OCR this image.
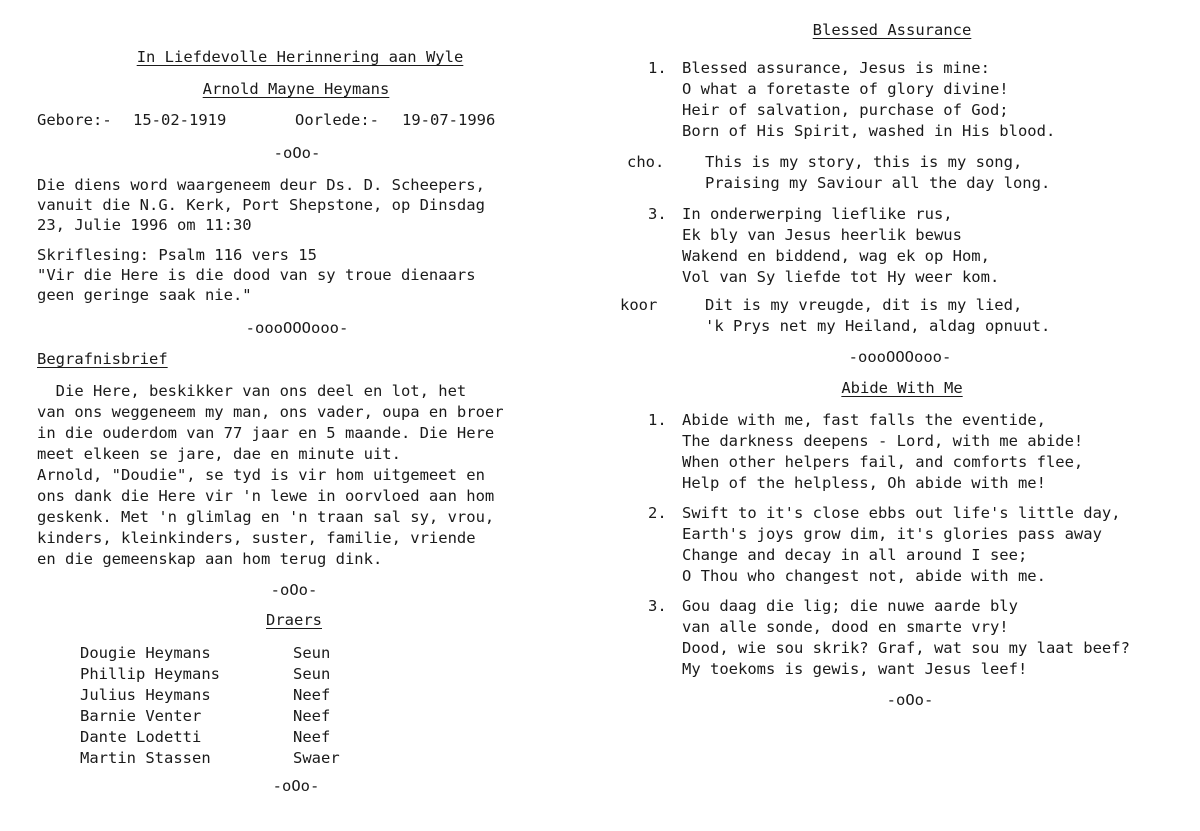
In Liefdevolle Herinnering aan Wyle
Arnold Mayne Heymans
Gebore:- 15-02-1919	Oorlede:- 19-07-1996
-oOo-
Die diens word waargeneem deur Ds. D. Scheepers,
vanuit die N.G. Kerk, Port Shepstone, op Dinsdag
23, Julie 1996 om 11:30
Skriflesing: Psalm 116 vers 15
"Vir die Here is die dood van sy troue dienaars
geen geringe saak nie."
-oooOOOooo-
Begrafnisbrief
Die Here, beskikker van ons deel en lot, het
van ons weggeneem my man, ons vader, oupa en broer
in die ouderdom van 77 jaar en 5 maande. Die Here
meet elkeen se jare, dae en minute uit.
Arnold, "Doudie", se tyd is vir hom uitgemeet en
ons dank die Here vir 'n lewe in oorvloed aan hom
geskenk. Met 'n glimlag en 'n traan sal sy, vrou,
kinders, kleinkinders, suster, familie, vriende
en die gemeenskap aan hom terug dink.
-oOo-
Draers
Dougie Heymans	Seun
Phillip Heymans	Seun
Julius Heymans	Neef
Barnie Venter	Neef
Dante Lodetti	Neef
Martin Stassen	Swaer
-oOo-
Blessed Assurance
1. Blessed assurance, Jesus is mine:
O what a foretaste of glory divine!
Heir of salvation, purchase of God;
Born of His Spirit, washed in His blood.
cho.	This is my story, this is my song,
Praising my Saviour all the day long.
3. In onderwerping lieflike rus,
Ek bly van Jesus heerlik bewus
Wakend en biddend, wag ek op Hom,
Vol van Sy liefde tot Hy weer kom.
koor	Dit is my vreugde, dit is my lied,
'k Prys net my Heiland, aldag opnuut.
-oooOOOooo-
Abide With Me
1. Abide with me, fast falls the eventide,
The darkness deepens - Lord, with me abide!
When other helpers fail, and comforts flee,
Help of the helpless, Oh abide with me!
2. Swift to it's close ebbs out life's little day,
Earth's joys grow dim, it's glories pass away
Change and decay in all around I see;
O Thou who changest not, abide with me.
3. Gou daag die lig; die nuwe aarde bly
van alle sonde, dood en smarte vry!
Dood, wie sou skrik? Graf, wat sou my laat beef?
My toekoms is gewis, want Jesus leef!
-oOo-
